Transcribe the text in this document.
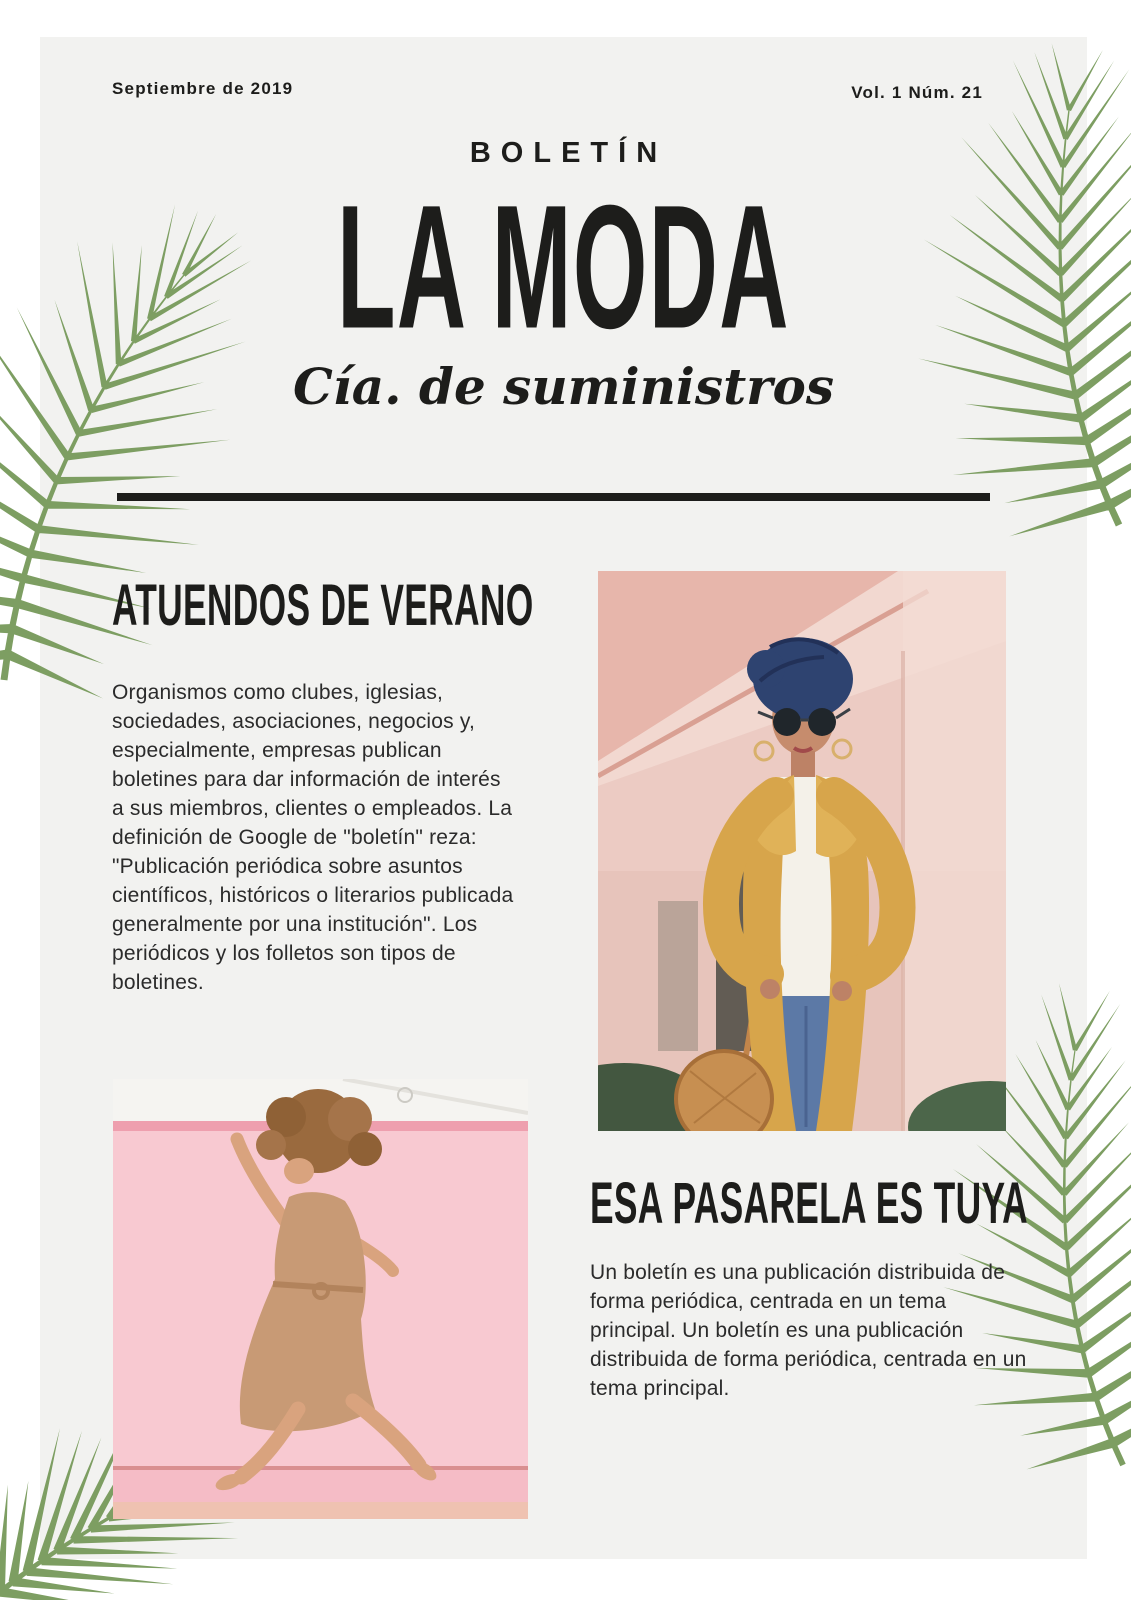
Septiembre de 2019	Vol. 1 Núm. 21
BOLETÍN
LA MODA
Cía. de suministros
ATUENDOS DE VERANO
Organismos como clubes, iglesias, sociedades, asociaciones, negocios y, especialmente, empresas publican boletines para dar información de interés a sus miembros, clientes o empleados. La definición de Google de "boletín" reza: "Publicación periódica sobre asuntos científicos, históricos o literarios publicada generalmente por una institución". Los periódicos y los folletos son tipos de boletines.
ESA PASARELA ES TUYA
Un boletín es una publicación distribuida de forma periódica, centrada en un tema principal. Un boletín es una publicación distribuida de forma periódica, centrada en un tema principal.
